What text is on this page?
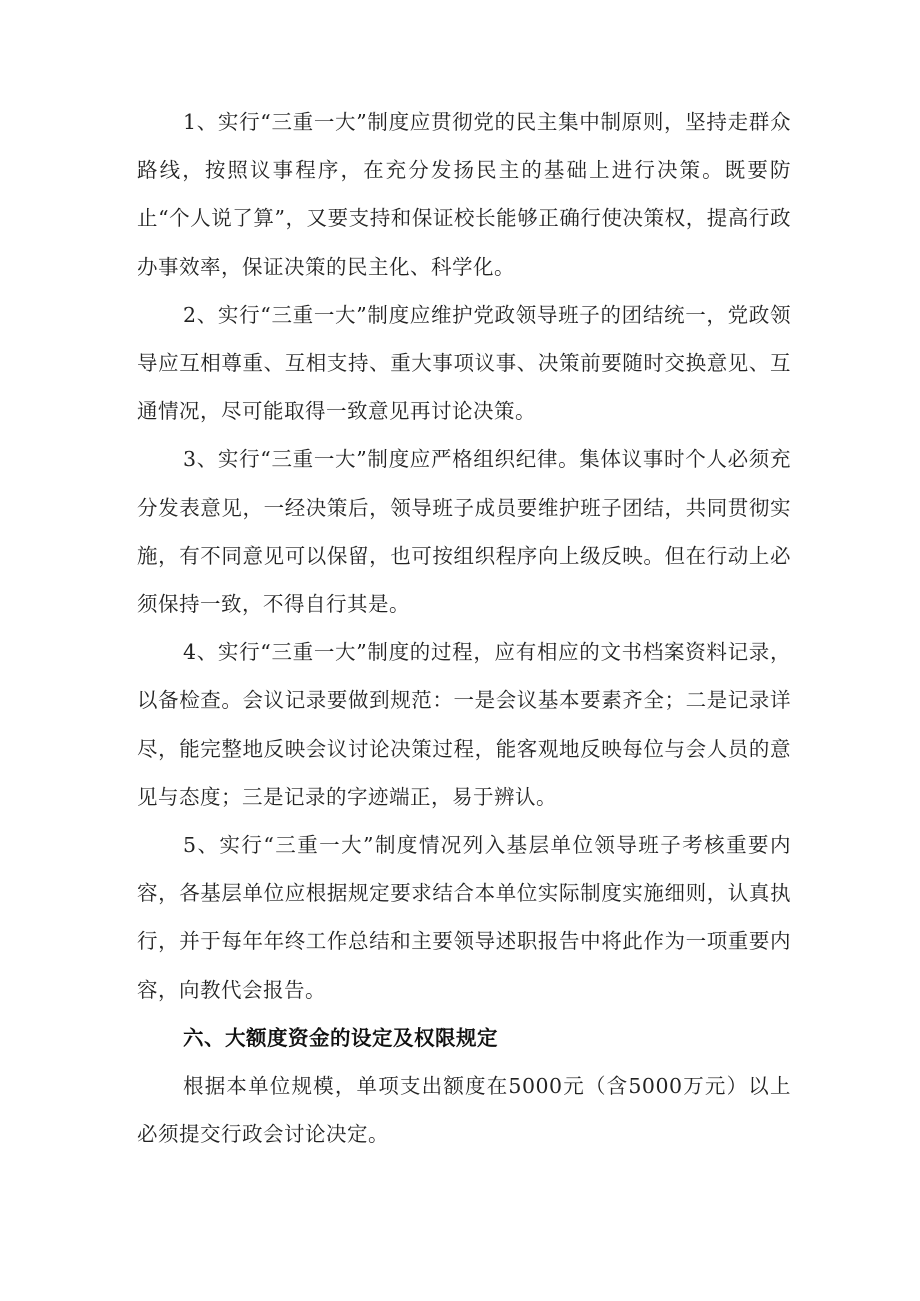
1、实行“三重一大”制度应贯彻党的民主集中制原则，坚持走群众路线，按照议事程序，在充分发扬民主的基础上进行决策。既要防止“个人说了算”，又要支持和保证校长能够正确行使决策权，提高行政办事效率，保证决策的民主化、科学化。

2、实行“三重一大”制度应维护党政领导班子的团结统一，党政领导应互相尊重、互相支持、重大事项议事、决策前要随时交换意见、互通情况，尽可能取得一致意见再讨论决策。

3、实行“三重一大”制度应严格组织纪律。集体议事时个人必须充分发表意见，一经决策后，领导班子成员要维护班子团结，共同贯彻实施，有不同意见可以保留，也可按组织程序向上级反映。但在行动上必须保持一致，不得自行其是。

4、实行“三重一大”制度的过程，应有相应的文书档案资料记录，以备检查。会议记录要做到规范：一是会议基本要素齐全；二是记录详尽，能完整地反映会议讨论决策过程，能客观地反映每位与会人员的意见与态度；三是记录的字迹端正，易于辨认。

5、实行“三重一大”制度情况列入基层单位领导班子考核重要内容，各基层单位应根据规定要求结合本单位实际制度实施细则，认真执行，并于每年年终工作总结和主要领导述职报告中将此作为一项重要内容，向教代会报告。

六、大额度资金的设定及权限规定

根据本单位规模，单项支出额度在5000元（含5000万元）以上必须提交行政会讨论决定。
